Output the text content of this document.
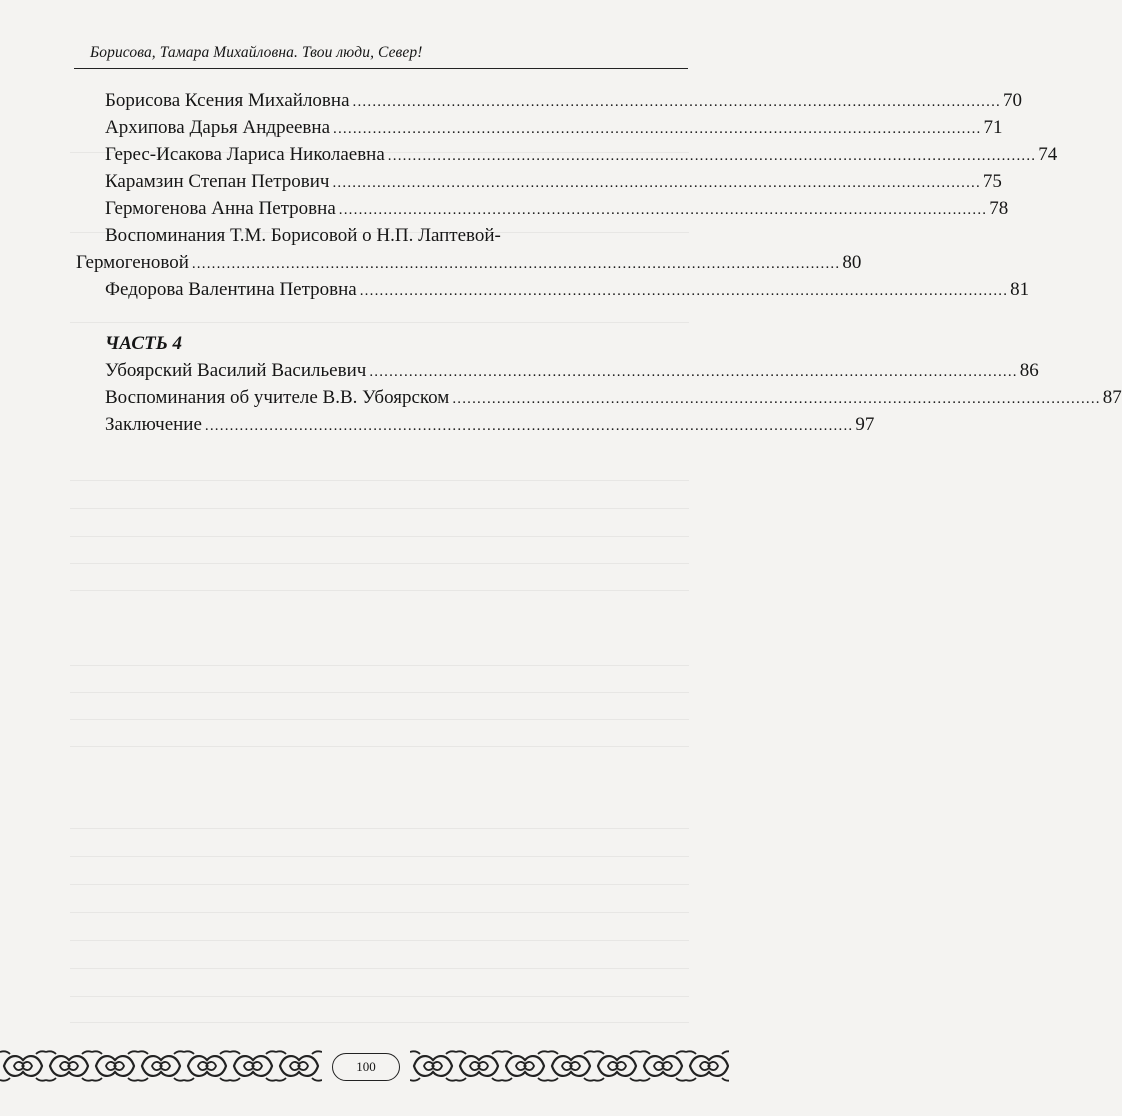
Борисова, Тамара Михайловна. Твои люди, Север!
Борисова Ксения Михайловна ................................................................................................................................... 70
Архипова Дарья Андреевна ................................................................................................................................... 71
Герес-Исакова Лариса Николаевна ................................................................................................................................... 74
Карамзин Степан Петрович ................................................................................................................................... 75
Гермогенова Анна Петровна ................................................................................................................................... 78
Воспоминания Т.М. Борисовой о Н.П. Лаптевой-
Гермогеновой ................................................................................................................................... 80
Федорова Валентина Петровна ................................................................................................................................... 81
ЧАСТЬ 4
Убоярский Василий Васильевич ................................................................................................................................... 86
Воспоминания об учителе В.В. Убоярском ................................................................................................................................... 87
Заключение ................................................................................................................................... 97
100
